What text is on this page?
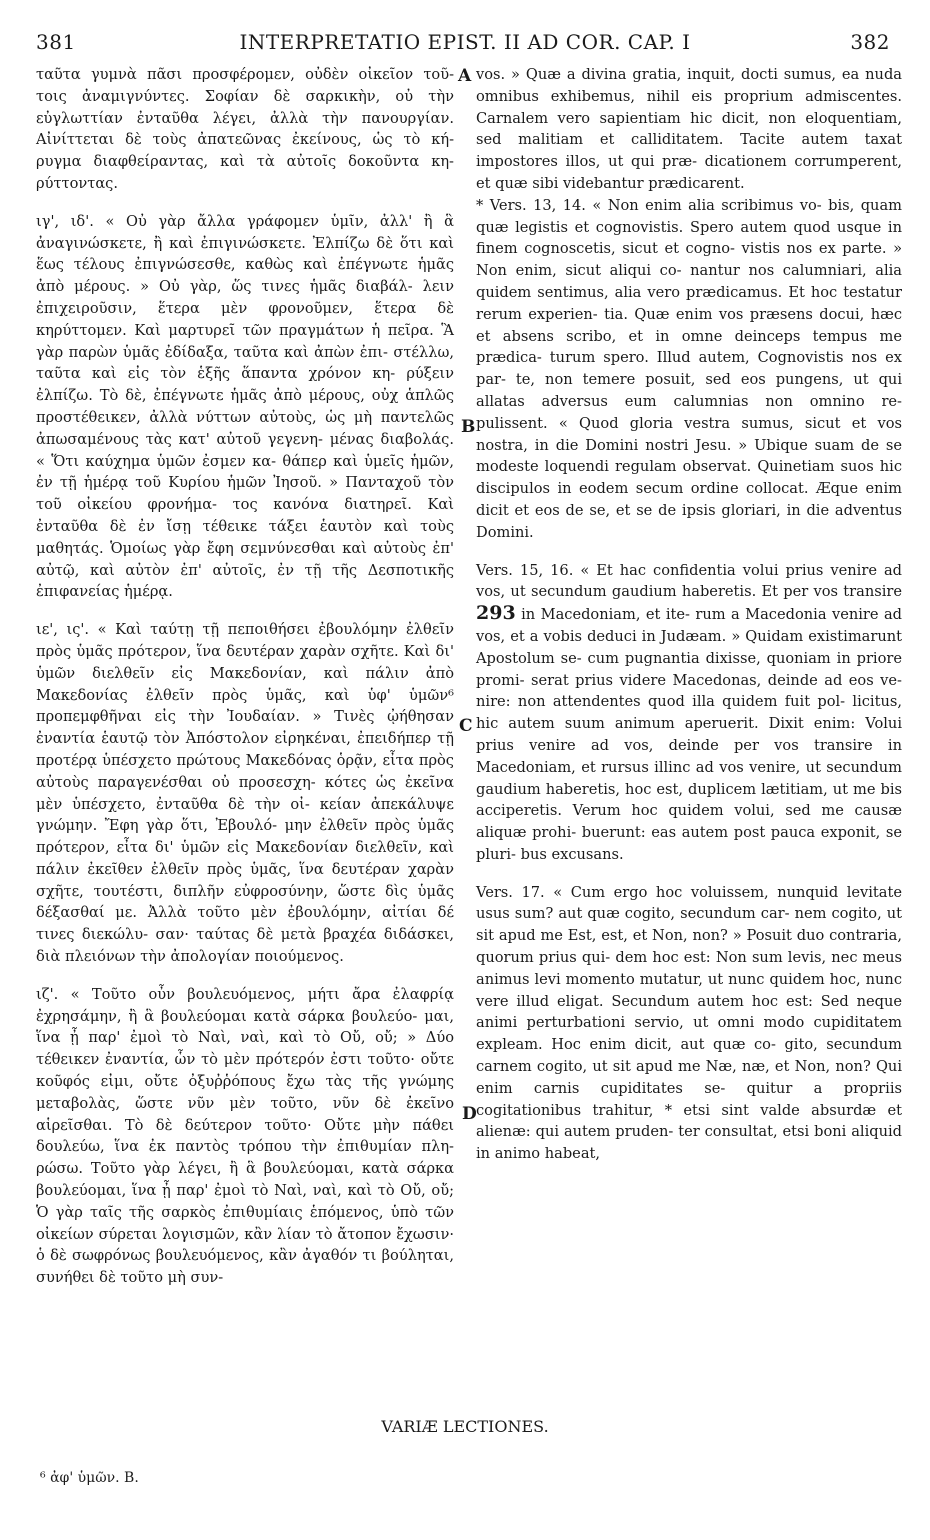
381	INTERPRETATIO EPIST. II AD COR. CAP. I	382

ταῦτα γυμνὰ πᾶσι προσφέρομεν, οὐδὲν οἰκεῖον τοῦ- τοις ἀναμιγνύντες. Σοφίαν δὲ σαρκικὴν, οὐ τὴν εὐγλωττίαν ἐνταῦθα λέγει, ἀλλὰ τὴν πανουργίαν. Αἰνίττεται δὲ τοὺς ἀπατεῶνας ἐκείνους, ὡς τὸ κή- ρυγμα διαφθείραντας, καὶ τὰ αὐτοῖς δοκοῦντα κη- ρύττοντας.

ιγ', ιδ'. « Οὐ γὰρ ἄλλα γράφομεν ὑμῖν, ἀλλ' ἢ ἃ ἀναγινώσκετε, ἢ καὶ ἐπιγινώσκετε. Ἐλπίζω δὲ ὅτι καὶ ἕως τέλους ἐπιγνώσεσθε, καθὼς καὶ ἐπέγνωτε ἡμᾶς ἀπὸ μέρους. » Οὐ γὰρ, ὥς τινες ἡμᾶς διαβάλ- λειν ἐπιχειροῦσιν, ἕτερα μὲν φρονοῦμεν, ἕτερα δὲ κηρύττομεν. Καὶ μαρτυρεῖ τῶν πραγμάτων ἡ πεῖρα. Ἃ γὰρ παρὼν ὑμᾶς ἐδίδαξα, ταῦτα καὶ ἀπὼν ἐπι- στέλλω, ταῦτα καὶ εἰς τὸν ἑξῆς ἅπαντα χρόνον κη- ρύξειν ἐλπίζω. Τὸ δὲ, ἐπέγνωτε ἡμᾶς ἀπὸ μέρους, οὐχ ἁπλῶς προστέθεικεν, ἀλλὰ νύττων αὐτοὺς, ὡς μὴ παντελῶς ἀπωσαμένους τὰς κατ' αὐτοῦ γεγενη- μένας διαβολάς. « Ὅτι καύχημα ὑμῶν ἐσμεν κα- θάπερ καὶ ὑμεῖς ἡμῶν, ἐν τῇ ἡμέρᾳ τοῦ Κυρίου ἡμῶν Ἰησοῦ. » Πανταχοῦ τὸν τοῦ οἰκείου φρονήμα- τος κανόνα διατηρεῖ. Καὶ ἐνταῦθα δὲ ἐν ἴσῃ τέθεικε τάξει ἑαυτὸν καὶ τοὺς μαθητάς. Ὁμοίως γὰρ ἔφη σεμνύνεσθαι καὶ αὐτοὺς ἐπ' αὐτῷ, καὶ αὐτὸν ἐπ' αὐτοῖς, ἐν τῇ τῆς Δεσποτικῆς ἐπιφανείας ἡμέρᾳ.

ιε', ις'. « Καὶ ταύτῃ τῇ πεποιθήσει ἐβουλόμην ἐλθεῖν πρὸς ὑμᾶς πρότερον, ἵνα δευτέραν χαρὰν σχῆτε. Καὶ δι' ὑμῶν διελθεῖν εἰς Μακεδονίαν, καὶ πάλιν ἀπὸ Μακεδονίας ἐλθεῖν πρὸς ὑμᾶς, καὶ ὑφ' ὑμῶν⁶ προπεμφθῆναι εἰς τὴν Ἰουδαίαν. » Τινὲς ᾠήθησαν ἐναντία ἑαυτῷ τὸν Ἀπόστολον εἰρηκέναι, ἐπειδήπερ τῇ προτέρᾳ ὑπέσχετο πρώτους Μακεδόνας ὁρᾷν, εἶτα πρὸς αὐτοὺς παραγενέσθαι οὐ προσεσχη- κότες ὡς ἐκεῖνα μὲν ὑπέσχετο, ἐνταῦθα δὲ τὴν οἰ- κείαν ἀπεκάλυψε γνώμην. Ἔφη γὰρ ὅτι, Ἐβουλό- μην ἐλθεῖν πρὸς ὑμᾶς πρότερον, εἶτα δι' ὑμῶν εἰς Μακεδονίαν διελθεῖν, καὶ πάλιν ἐκεῖθεν ἐλθεῖν πρὸς ὑμᾶς, ἵνα δευτέραν χαρὰν σχῆτε, τουτέστι, διπλῆν εὐφροσύνην, ὥστε δὶς ὑμᾶς δέξασθαί με. Ἀλλὰ τοῦτο μὲν ἐβουλόμην, αἰτίαι δέ τινες διεκώλυ- σαν· ταύτας δὲ μετὰ βραχέα διδάσκει, διὰ πλειόνων τὴν ἀπολογίαν ποιούμενος.

ιζ'. « Τοῦτο οὖν βουλευόμενος, μήτι ἄρα ἐλαφρίᾳ ἐχρησάμην, ἢ ἃ βουλεύομαι κατὰ σάρκα βουλεύο- μαι, ἵνα ᾖ παρ' ἐμοὶ τὸ Ναὶ, ναὶ, καὶ τὸ Οὔ, οὔ; » Δύο τέθεικεν ἐναντία, ὧν τὸ μὲν πρότερόν ἐστι τοῦτο· οὔτε κοῦφός εἰμι, οὔτε ὀξυῤῥόπους ἔχω τὰς τῆς γνώμης μεταβολὰς, ὥστε νῦν μὲν τοῦτο, νῦν δὲ ἐκεῖνο αἱρεῖσθαι. Τὸ δὲ δεύτερον τοῦτο· Οὔτε μὴν πάθει δουλεύω, ἵνα ἐκ παντὸς τρόπου τὴν ἐπιθυμίαν πλη- ρώσω. Τοῦτο γὰρ λέγει, ἢ ἃ βουλεύομαι, κατὰ σάρκα βουλεύομαι, ἵνα ᾖ παρ' ἐμοὶ τὸ Ναὶ, ναὶ, καὶ τὸ Οὔ, οὔ; Ὁ γὰρ ταῖς τῆς σαρκὸς ἐπιθυμίαις ἑπόμενος, ὑπὸ τῶν οἰκείων σύρεται λογισμῶν, κἂν λίαν τὸ ἄτοπον ἔχωσιν· ὁ δὲ σωφρόνως βουλευόμενος, κἂν ἀγαθόν τι βούληται, συνήθει δὲ τοῦτο μὴ συν-

A
B
C
D

vos. » Quæ a divina gratia, inquit, docti sumus, ea nuda omnibus exhibemus, nihil eis proprium admiscentes. Carnalem vero sapientiam hic dicit, non eloquentiam, sed malitiam et calliditatem. Tacite autem taxat impostores illos, ut qui præ- dicationem corrumperent, et quæ sibi videbantur prædicarent.

* Vers. 13, 14. « Non enim alia scribimus vo- bis, quam quæ legistis et cognovistis. Spero autem quod usque in finem cognoscetis, sicut et cogno- vistis nos ex parte. » Non enim, sicut aliqui co- nantur nos calumniari, alia quidem sentimus, alia vero prædicamus. Et hoc testatur rerum experien- tia. Quæ enim vos præsens docui, hæc et absens scribo, et in omne deinceps tempus me prædica- turum spero. Illud autem, Cognovistis nos ex par- te, non temere posuit, sed eos pungens, ut qui allatas adversus eum calumnias non omnino re- pulissent. « Quod gloria vestra sumus, sicut et vos nostra, in die Domini nostri Jesu. » Ubique suam de se modeste loquendi regulam observat. Quinetiam suos hic discipulos in eodem secum ordine collocat. Æque enim dicit et eos de se, et se de ipsis gloriari, in die adventus Domini.

Vers. 15, 16. « Et hac confidentia volui prius venire ad vos, ut secundum gaudium haberetis. Et per vos transire 293 in Macedoniam, et ite- rum a Macedonia venire ad vos, et a vobis deduci in Judæam. » Quidam existimarunt Apostolum se- cum pugnantia dixisse, quoniam in priore promi- serat prius videre Macedonas, deinde ad eos ve- nire: non attendentes quod illa quidem fuit pol- licitus, hic autem suum animum aperuerit. Dixit enim: Volui prius venire ad vos, deinde per vos transire in Macedoniam, et rursus illinc ad vos venire, ut secundum gaudium haberetis, hoc est, duplicem lætitiam, ut me bis acciperetis. Verum hoc quidem volui, sed me causæ aliquæ prohi- buerunt: eas autem post pauca exponit, se pluri- bus excusans.

Vers. 17. « Cum ergo hoc voluissem, nunquid levitate usus sum? aut quæ cogito, secundum car- nem cogito, ut sit apud me Est, est, et Non, non? » Posuit duo contraria, quorum prius qui- dem hoc est: Non sum levis, nec meus animus levi momento mutatur, ut nunc quidem hoc, nunc vere illud eligat. Secundum autem hoc est: Sed neque animi perturbationi servio, ut omni modo cupiditatem expleam. Hoc enim dicit, aut quæ co- gito, secundum carnem cogito, ut sit apud me Næ, næ, et Non, non? Qui enim carnis cupiditates se- quitur a propriis cogitationibus trahitur, * etsi sint valde absurdæ et alienæ: qui autem pruden- ter consultat, etsi boni aliquid in animo habeat,

VARIÆ LECTIONES.
⁶ ἀφ' ὑμῶν. B.
